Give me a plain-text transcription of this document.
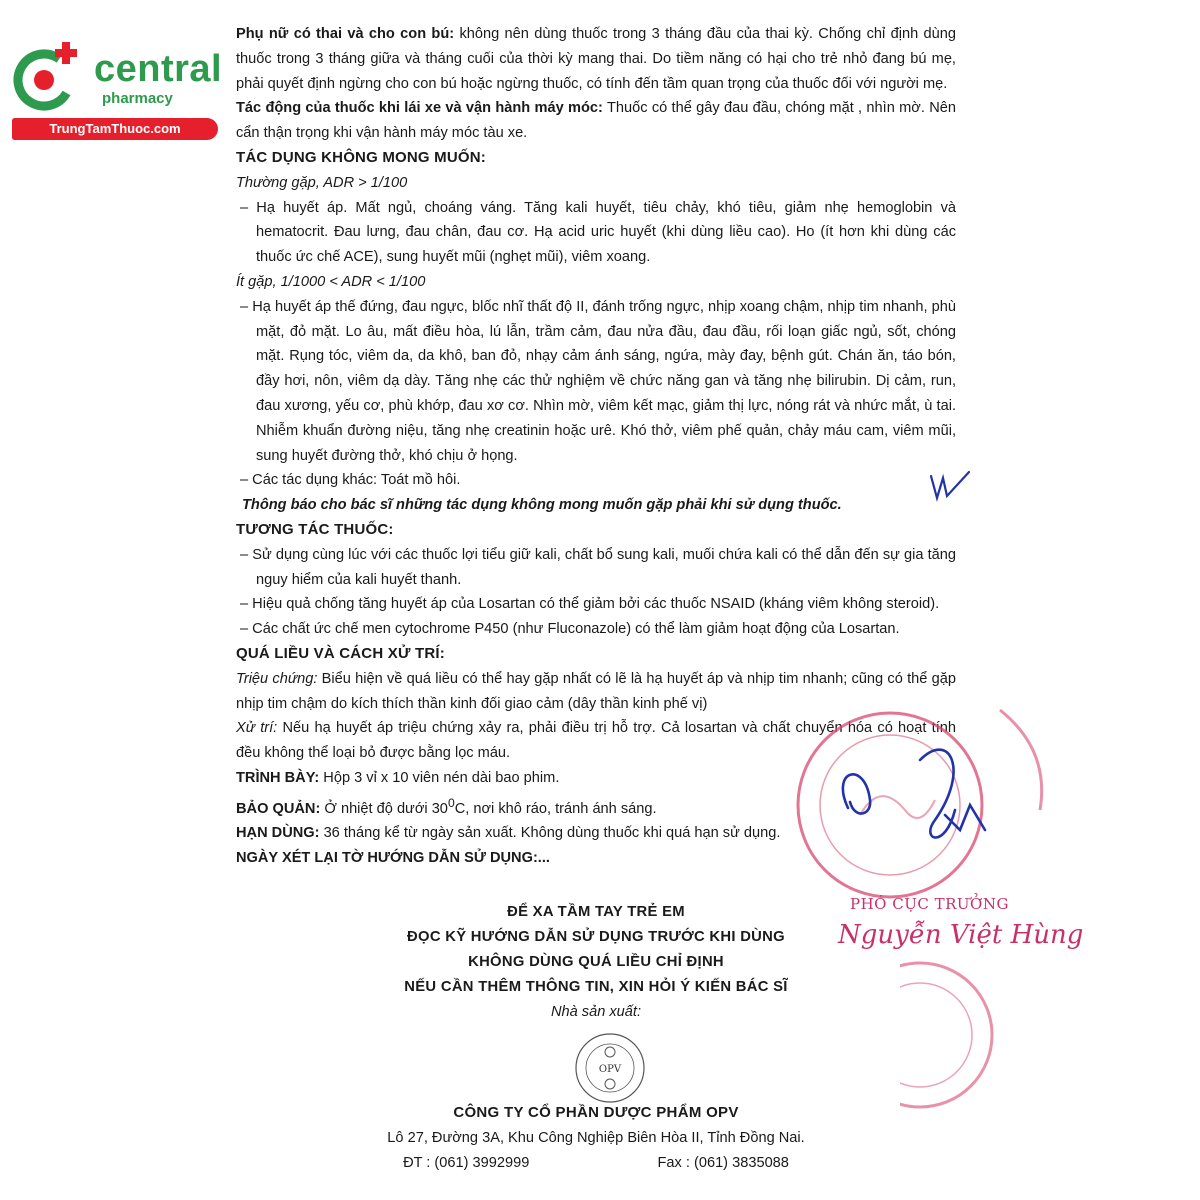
central
pharmacy
TrungTamThuoc.com

Phụ nữ có thai và cho con bú: không nên dùng thuốc trong 3 tháng đầu của thai kỳ. Chống chỉ định dùng thuốc trong 3 tháng giữa và tháng cuối của thời kỳ mang thai. Do tiềm năng có hại cho trẻ nhỏ đang bú mẹ, phải quyết định ngừng cho con bú hoặc ngừng thuốc, có tính đến tầm quan trọng của thuốc đối với người mẹ.

Tác động của thuốc khi lái xe và vận hành máy móc: Thuốc có thể gây đau đầu, chóng mặt , nhìn mờ. Nên cẩn thận trọng khi vận hành máy móc tàu xe.

TÁC DỤNG KHÔNG MONG MUỐN:

Thường gặp, ADR > 1/100

– Hạ huyết áp. Mất ngủ, choáng váng. Tăng kali huyết, tiêu chảy, khó tiêu, giảm nhẹ hemoglobin và hematocrit. Đau lưng, đau chân, đau cơ. Hạ acid uric huyết (khi dùng liều cao). Ho (ít hơn khi dùng các thuốc ức chế ACE), sung huyết mũi (nghẹt mũi), viêm xoang.

Ít gặp, 1/1000 < ADR < 1/100

– Hạ huyết áp thế đứng, đau ngực, blốc nhĩ thất độ II, đánh trống ngực, nhịp xoang chậm, nhịp tim nhanh, phù mặt, đỏ mặt. Lo âu, mất điều hòa, lú lẫn, trầm cảm, đau nửa đầu, đau đầu, rối loạn giấc ngủ, sốt, chóng mặt. Rụng tóc, viêm da, da khô, ban đỏ, nhạy cảm ánh sáng, ngứa, mày đay, bệnh gút. Chán ăn, táo bón, đầy hơi, nôn, viêm dạ dày. Tăng nhẹ các thử nghiệm về chức năng gan và tăng nhẹ bilirubin. Dị cảm, run, đau xương, yếu cơ, phù khớp, đau xơ cơ. Nhìn mờ, viêm kết mạc, giảm thị lực, nóng rát và nhức mắt, ù tai. Nhiễm khuẩn đường niệu, tăng nhẹ creatinin hoặc urê. Khó thở, viêm phế quản, chảy máu cam, viêm mũi, sung huyết đường thở, khó chịu ở họng.

– Các tác dụng khác: Toát mồ hôi.

Thông báo cho bác sĩ những tác dụng không mong muốn gặp phải khi sử dụng thuốc.

TƯƠNG TÁC THUỐC:

– Sử dụng cùng lúc với các thuốc lợi tiểu giữ kali, chất bổ sung kali, muối chứa kali có thể dẫn đến sự gia tăng nguy hiểm của kali huyết thanh.

– Hiệu quả chống tăng huyết áp của Losartan có thể giảm bởi các thuốc NSAID (kháng viêm không steroid).

– Các chất ức chế men cytochrome P450 (như Fluconazole) có thể làm giảm hoạt động của Losartan.

QUÁ LIỀU VÀ CÁCH XỬ TRÍ:

Triệu chứng: Biểu hiện về quá liều có thể hay gặp nhất có lẽ là hạ huyết áp và nhịp tim nhanh; cũng có thể gặp nhịp tim chậm do kích thích thần kinh đối giao cảm (dây thần kinh phế vị)

Xử trí: Nếu hạ huyết áp triệu chứng xảy ra, phải điều trị hỗ trợ. Cả losartan và chất chuyển hóa có hoạt tính đều không thể loại bỏ được bằng lọc máu.

TRÌNH BÀY: Hộp 3 vỉ x 10 viên nén dài bao phim.

BẢO QUẢN: Ở nhiệt độ dưới $30^0C$, nơi khô ráo, tránh ánh sáng.

HẠN DÙNG: 36 tháng kể từ ngày sản xuất. Không dùng thuốc khi quá hạn sử dụng.

NGÀY XÉT LẠI TỜ HƯỚNG DẪN SỬ DỤNG:...

PHÓ CỤC TRƯỞNG
Nguyễn Việt Hùng

ĐỂ XA TẦM TAY TRẺ EM

ĐỌC KỸ HƯỚNG DẪN SỬ DỤNG TRƯỚC KHI DÙNG

KHÔNG DÙNG QUÁ LIỀU CHỈ ĐỊNH

NẾU CẦN THÊM THÔNG TIN, XIN HỎI Ý KIẾN BÁC SĨ

Nhà sản xuất:

OPV

CÔNG TY CỔ PHẦN DƯỢC PHẨM OPV

Lô 27, Đường 3A, Khu Công Nghiệp Biên Hòa II, Tỉnh Đồng Nai.

ĐT : (061) 3992999	Fax : (061) 3835088
